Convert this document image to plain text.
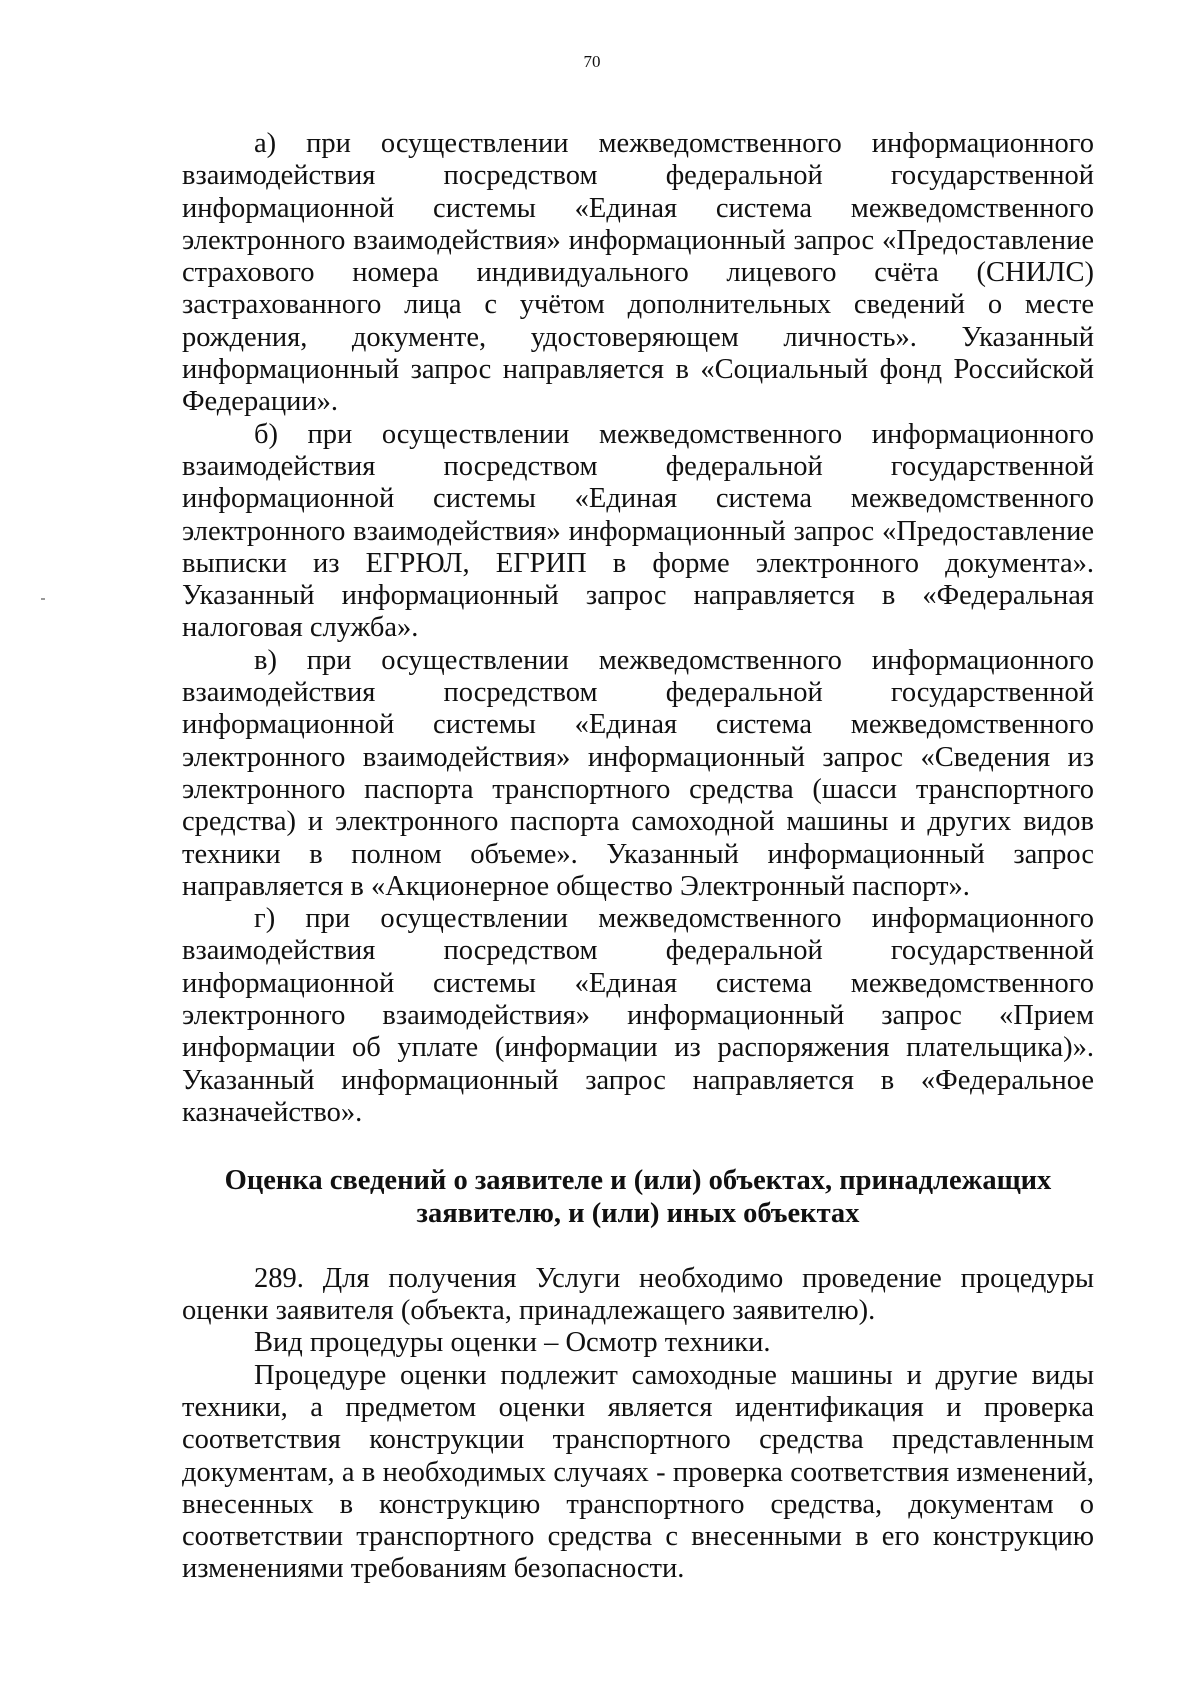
70

а) при осуществлении межведомственного информационного взаимодействия посредством федеральной государственной информационной системы «Единая система межведомственного электронного взаимодействия» информационный запрос «Предоставление страхового номера индивидуального лицевого счёта (СНИЛС) застрахованного лица с учётом дополнительных сведений о месте рождения, документе, удостоверяющем личность». Указанный информационный запрос направляется в «Социальный фонд Российской Федерации».

б) при осуществлении межведомственного информационного взаимодействия посредством федеральной государственной информационной системы «Единая система межведомственного электронного взаимодействия» информационный запрос «Предоставление выписки из ЕГРЮЛ, ЕГРИП в форме электронного документа». Указанный информационный запрос направляется в «Федеральная налоговая служба».

в) при осуществлении межведомственного информационного взаимодействия посредством федеральной государственной информационной системы «Единая система межведомственного электронного взаимодействия» информационный запрос «Сведения из электронного паспорта транспортного средства (шасси транспортного средства) и электронного паспорта самоходной машины и других видов техники в полном объеме». Указанный информационный запрос направляется в «Акционерное общество Электронный паспорт».

г) при осуществлении межведомственного информационного взаимодействия посредством федеральной государственной информационной системы «Единая система межведомственного электронного взаимодействия» информационный запрос «Прием информации об уплате (информации из распоряжения плательщика)». Указанный информационный запрос направляется в «Федеральное казначейство».

Оценка сведений о заявителе и (или) объектах, принадлежащих заявителю, и (или) иных объектах

289. Для получения Услуги необходимо проведение процедуры оценки заявителя (объекта, принадлежащего заявителю).

Вид процедуры оценки – Осмотр техники.

Процедуре оценки подлежит самоходные машины и другие виды техники, а предметом оценки является идентификация и проверка соответствия конструкции транспортного средства представленным документам, а в необходимых случаях - проверка соответствия изменений, внесенных в конструкцию транспортного средства, документам о соответствии транспортного средства с внесенными в его конструкцию изменениями требованиям безопасности.
